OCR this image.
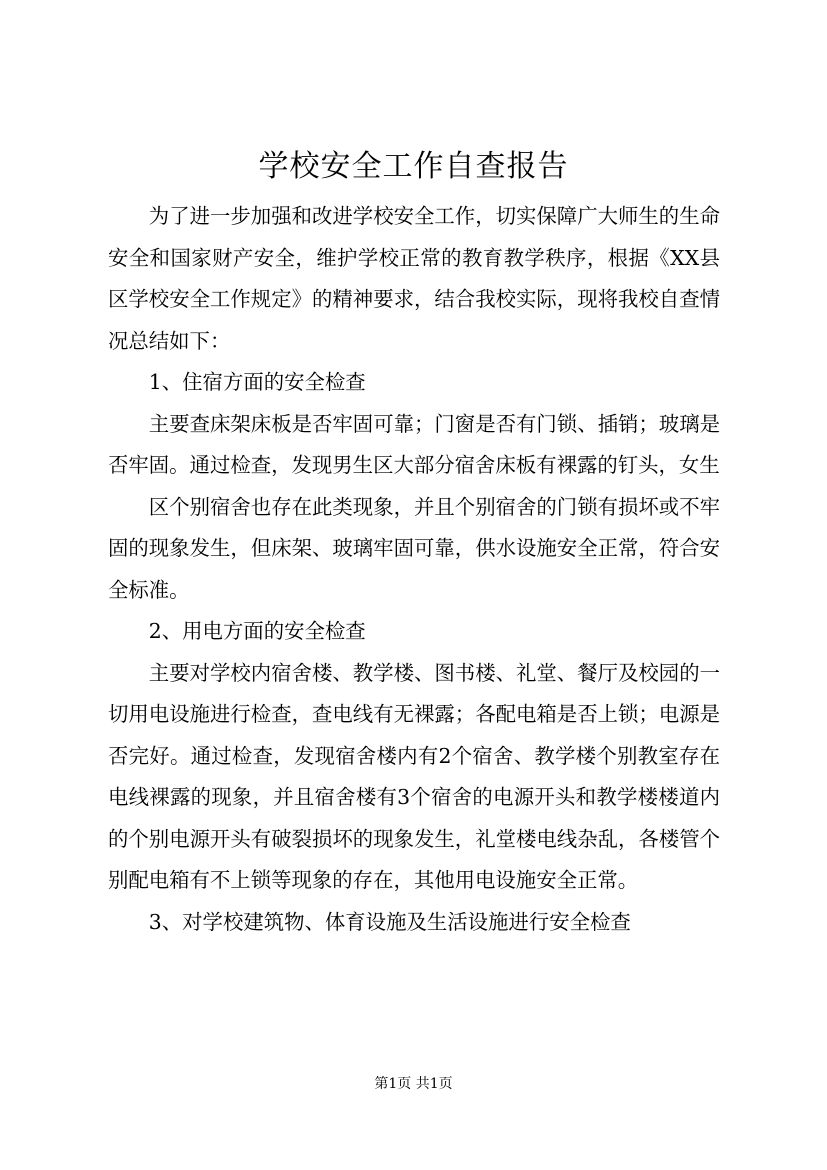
学校安全工作自查报告

为了进一步加强和改进学校安全工作，切实保障广大师生的生命安全和国家财产安全，维护学校正常的教育教学秩序，根据《XX县区学校安全工作规定》的精神要求，结合我校实际，现将我校自查情况总结如下：

1、住宿方面的安全检查

主要查床架床板是否牢固可靠；门窗是否有门锁、插销；玻璃是否牢固。通过检查，发现男生区大部分宿舍床板有裸露的钉头，女生

区个别宿舍也存在此类现象，并且个别宿舍的门锁有损坏或不牢固的现象发生，但床架、玻璃牢固可靠，供水设施安全正常，符合安全标准。

2、用电方面的安全检查

主要对学校内宿舍楼、教学楼、图书楼、礼堂、餐厅及校园的一切用电设施进行检查，查电线有无裸露；各配电箱是否上锁；电源是否完好。通过检查，发现宿舍楼内有2个宿舍、教学楼个别教室存在电线裸露的现象，并且宿舍楼有3个宿舍的电源开头和教学楼楼道内的个别电源开头有破裂损坏的现象发生，礼堂楼电线杂乱，各楼管个别配电箱有不上锁等现象的存在，其他用电设施安全正常。

3、对学校建筑物、体育设施及生活设施进行安全检查

第1页 共1页
